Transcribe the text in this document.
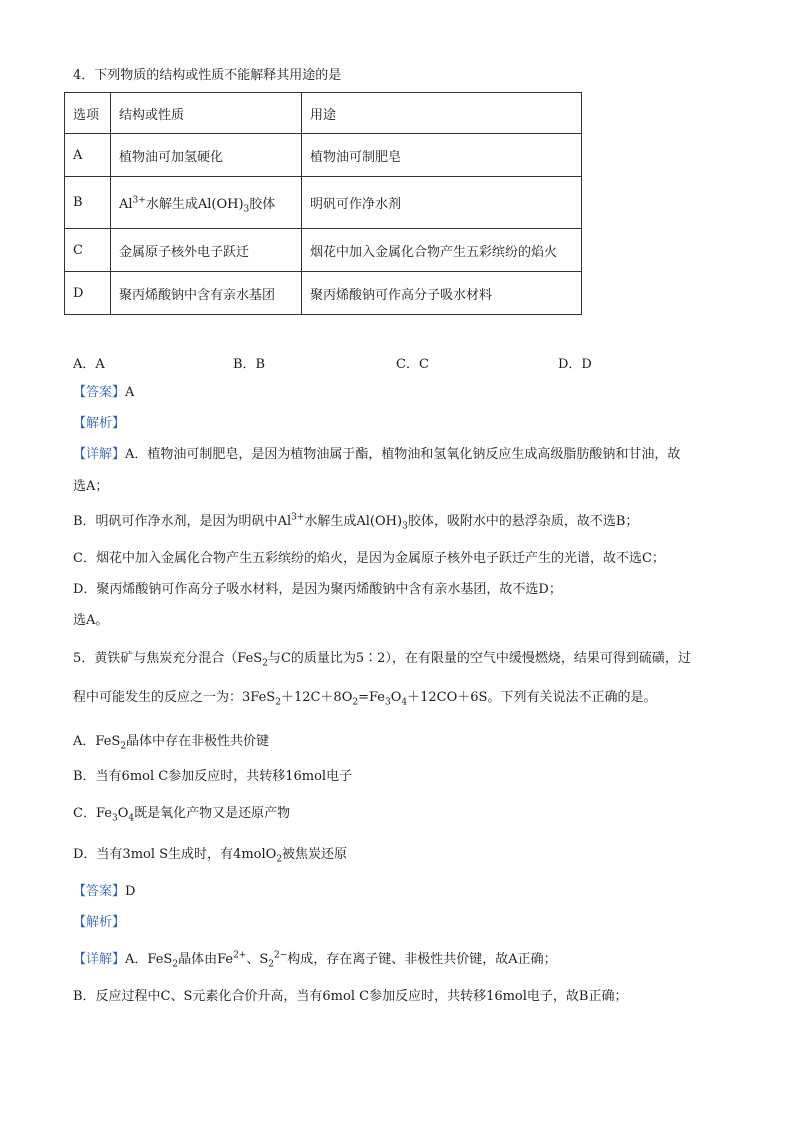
4．下列物质的结构或性质不能解释其用途的是
选项	结构或性质	用途
A	植物油可加氢硬化	植物油可制肥皂
B	$Al^{3+}$水解生成$Al(OH)_3$胶体	明矾可作净水剂
C	金属原子核外电子跃迁	烟花中加入金属化合物产生五彩缤纷的焰火
D	聚丙烯酸钠中含有亲水基团	聚丙烯酸钠可作高分子吸水材料
A．A	B．B	C．C	D．D
【答案】A
【解析】
【详解】A．植物油可制肥皂，是因为植物油属于酯，植物油和氢氧化钠反应生成高级脂肪酸钠和甘油，故
选A；
B．明矾可作净水剂，是因为明矾中$Al^{3+}$水解生成$Al(OH)_3$胶体，吸附水中的悬浮杂质，故不选B；
C．烟花中加入金属化合物产生五彩缤纷的焰火，是因为金属原子核外电子跃迁产生的光谱，故不选C；
D．聚丙烯酸钠可作高分子吸水材料，是因为聚丙烯酸钠中含有亲水基团，故不选D；
选A。
5．黄铁矿与焦炭充分混合（FeS$_2$与C的质量比为5∶2），在有限量的空气中缓慢燃烧，结果可得到硫磺，过
程中可能发生的反应之一为：$3FeS_2+12C+8O_2=Fe_3O_4+12CO+6S$。下列有关说法不正确的是。
A．FeS$_2$晶体中存在非极性共价键
B．当有6mol C参加反应时，共转移16mol电子
C．$Fe_3O_4$既是氧化产物又是还原产物
D．当有3mol S生成时，有4molO$_2$被焦炭还原
【答案】D
【解析】
【详解】A．FeS$_2$晶体由$Fe^{2+}$、$S_2^{2-}$构成，存在离子键、非极性共价键，故A正确；
B．反应过程中C、S元素化合价升高，当有6mol C参加反应时，共转移16mol电子，故B正确；
